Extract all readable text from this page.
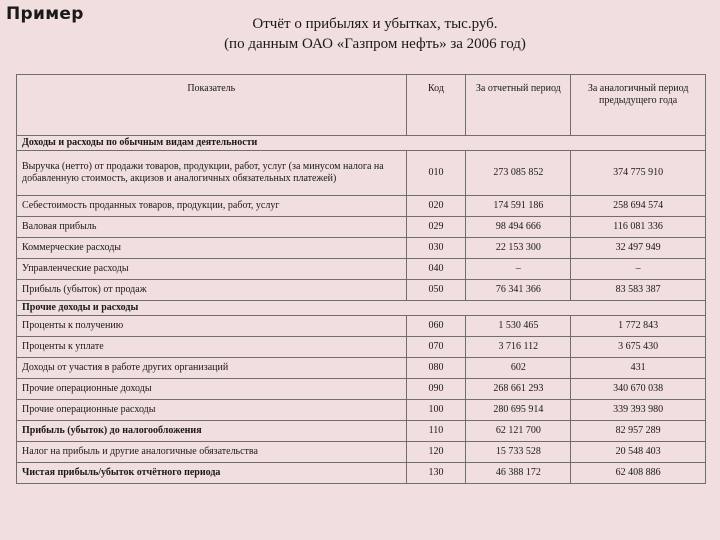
Пример	Отчёт о прибылях и убытках, тыс.руб.
(по данным ОАО «Газпром нефть» за 2006 год)
Показатель	Код	За отчетный период	За аналогичный период предыдущего года
Доходы и расходы по обычным видам деятельности			
Выручка (нетто) от продажи товаров, продукции, работ, услуг (за минусом налога на добавленную стоимость, акцизов и аналогичных обязательных платежей)	010	273 085 852	374 775 910
Себестоимость проданных товаров, продукции, работ, услуг	020	174 591 186	258 694 574
Валовая прибыль	029	98 494 666	116 081 336
Коммерческие расходы	030	22 153 300	32 497 949
Управленческие расходы	040	–	–
Прибыль (убыток) от продаж	050	76 341 366	83 583 387
Прочие доходы и расходы			
Проценты к получению	060	1 530 465	1 772 843
Проценты к уплате	070	3 716 112	3 675 430
Доходы от участия в работе других организаций	080	602	431
Прочие операционные доходы	090	268 661 293	340 670 038
Прочие операционные расходы	100	280 695 914	339 393 980
Прибыль (убыток) до налогообложения	110	62 121 700	82 957 289
Налог на прибыль и другие аналогичные обязательства	120	15 733 528	20 548 403
Чистая прибыль/убыток отчётного периода	130	46 388 172	62 408 886
